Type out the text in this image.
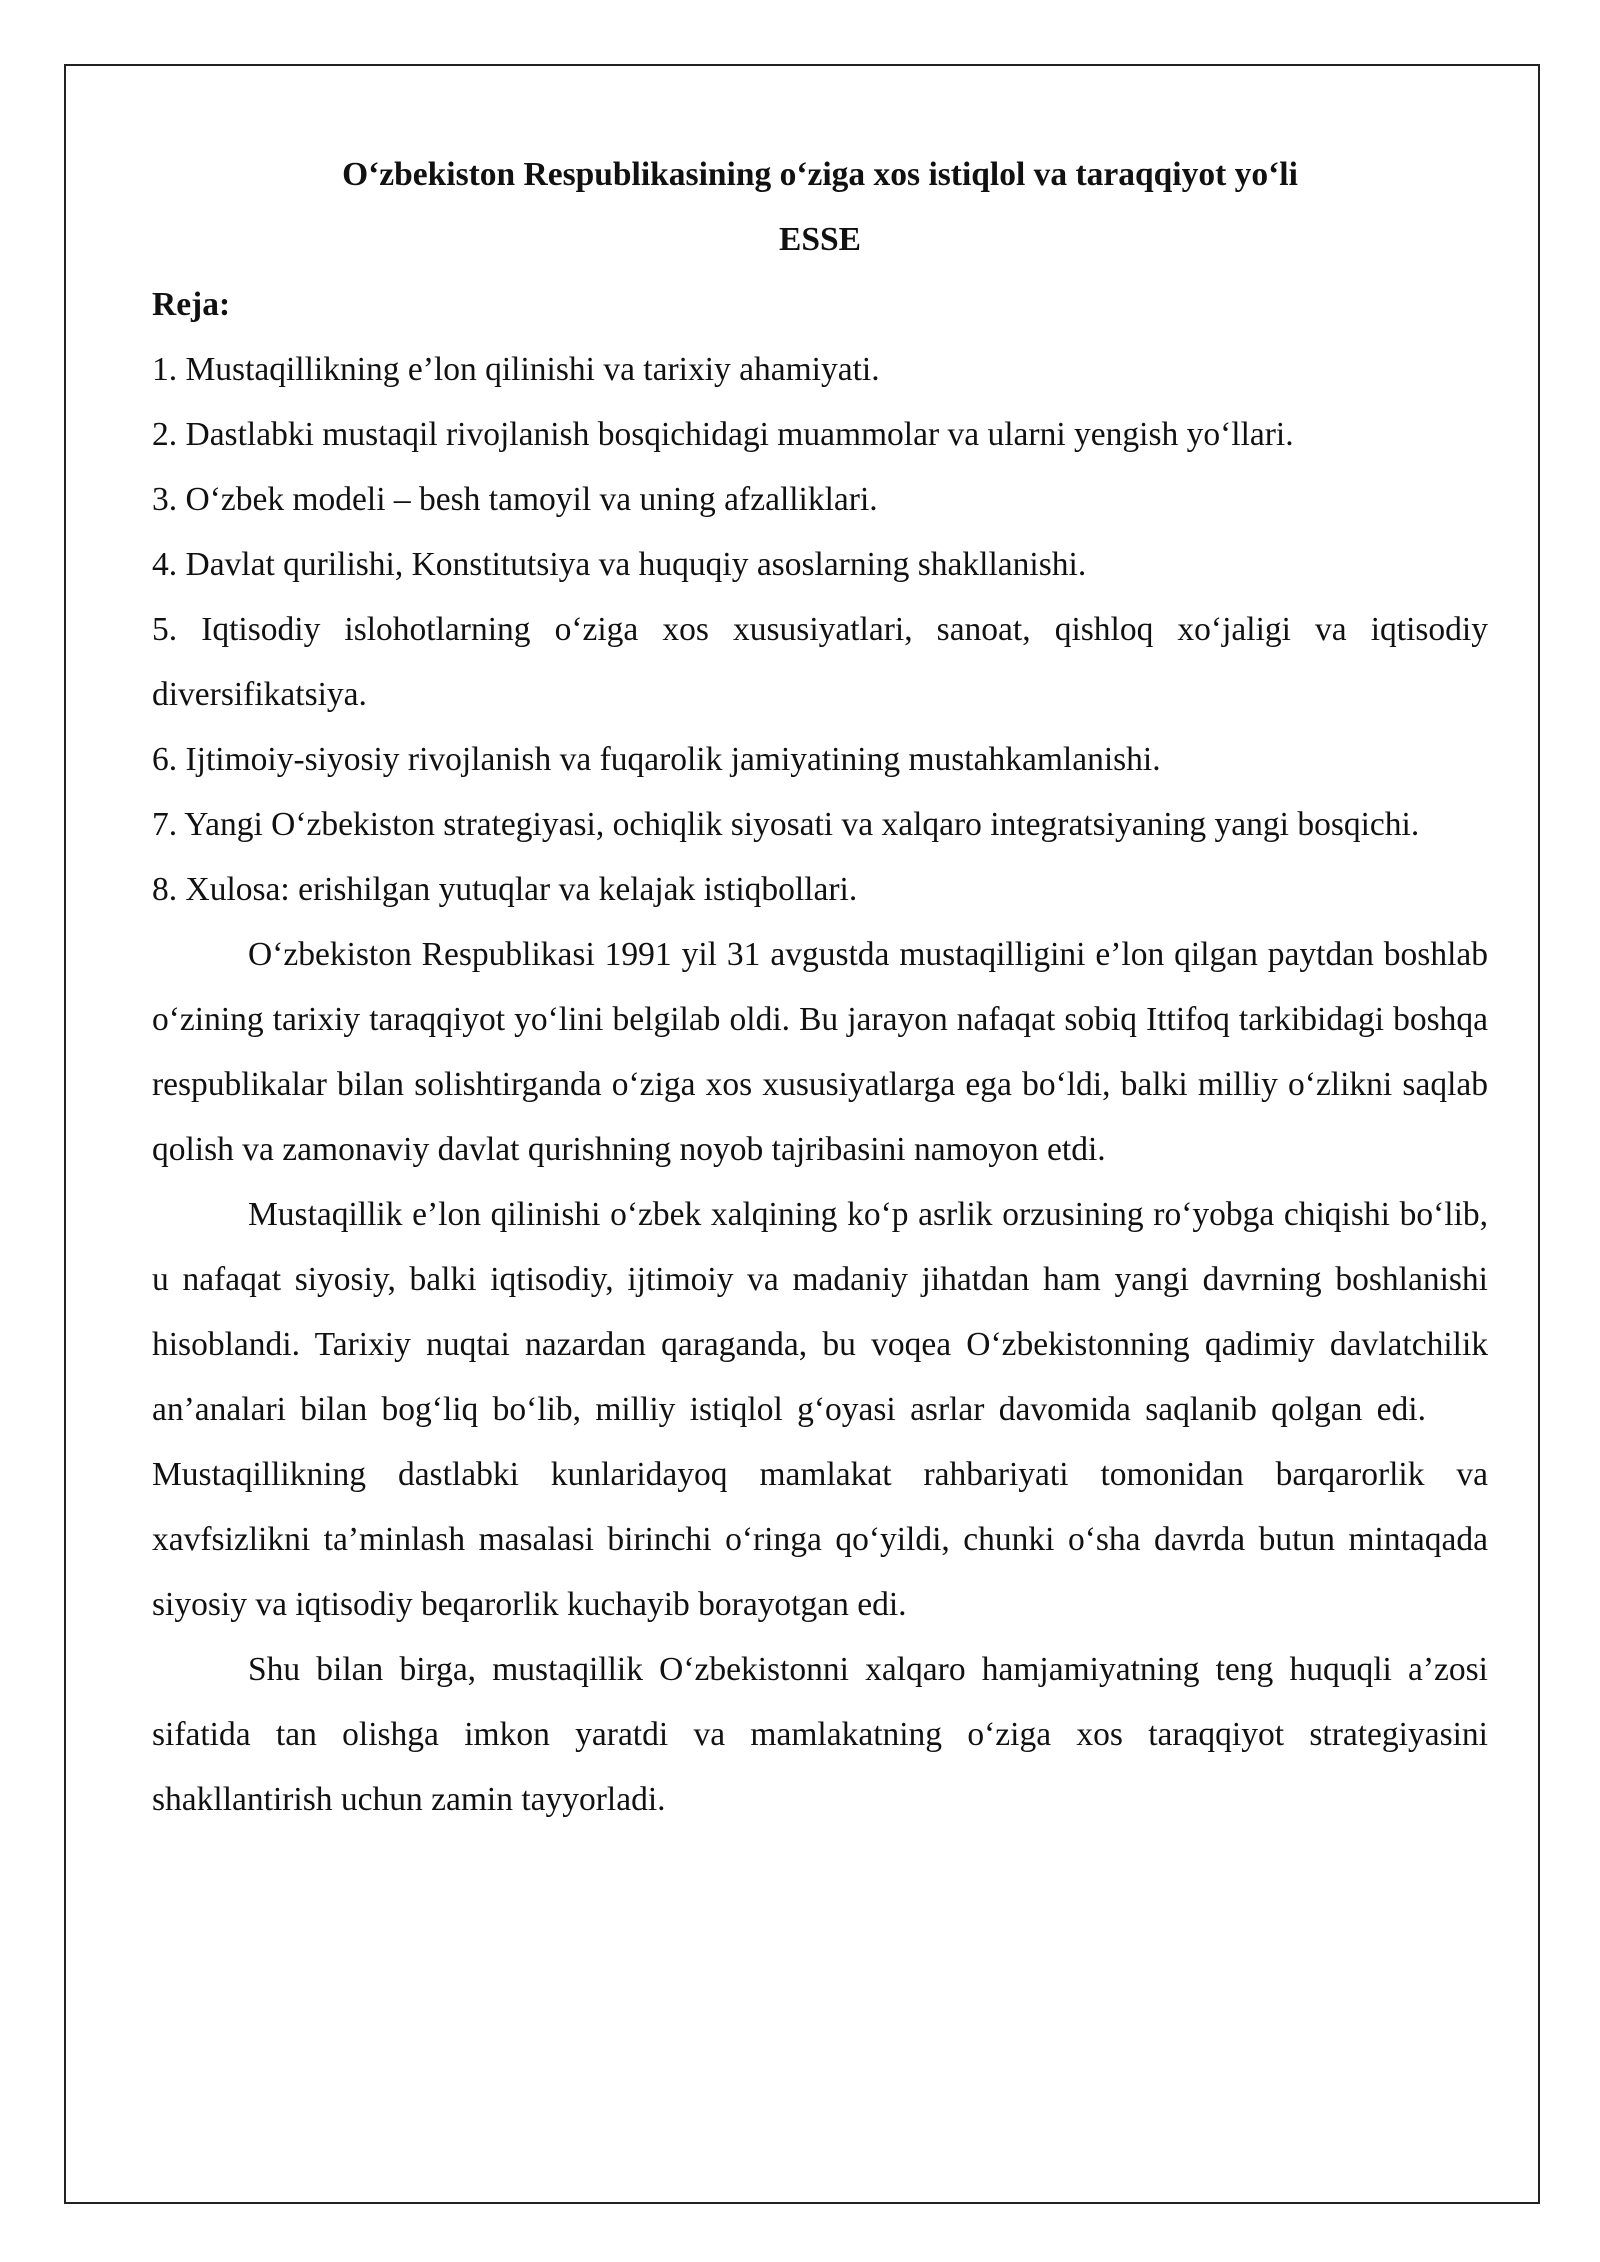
O‘zbekiston Respublikasining o‘ziga xos istiqlol va taraqqiyot yo‘li

ESSE

Reja:

1. Mustaqillikning e’lon qilinishi va tarixiy ahamiyati.
2. Dastlabki mustaqil rivojlanish bosqichidagi muammolar va ularni yengish yo‘llari.
3. O‘zbek modeli – besh tamoyil va uning afzalliklari.
4. Davlat qurilishi, Konstitutsiya va huquqiy asoslarning shakllanishi.
5. Iqtisodiy islohotlarning o‘ziga xos xususiyatlari, sanoat, qishloq xo‘jaligi va iqtisodiy diversifikatsiya.
6. Ijtimoiy-siyosiy rivojlanish va fuqarolik jamiyatining mustahkamlanishi.
7. Yangi O‘zbekiston strategiyasi, ochiqlik siyosati va xalqaro integratsiyaning yangi bosqichi.
8. Xulosa: erishilgan yutuqlar va kelajak istiqbollari.

O‘zbekiston Respublikasi 1991 yil 31 avgustda mustaqilligini e’lon qilgan paytdan boshlab o‘zining tarixiy taraqqiyot yo‘lini belgilab oldi. Bu jarayon nafaqat sobiq Ittifoq tarkibidagi boshqa respublikalar bilan solishtirganda o‘ziga xos xususiyatlarga ega bo‘ldi, balki milliy o‘zlikni saqlab qolish va zamonaviy davlat qurishning noyob tajribasini namoyon etdi.

Mustaqillik e’lon qilinishi o‘zbek xalqining ko‘p asrlik orzusining ro‘yobga chiqishi bo‘lib, u nafaqat siyosiy, balki iqtisodiy, ijtimoiy va madaniy jihatdan ham yangi davrning boshlanishi hisoblandi. Tarixiy nuqtai nazardan qaraganda, bu voqea O‘zbekistonning qadimiy davlatchilik an’analari bilan bog‘liq bo‘lib, milliy istiqlol g‘oyasi asrlar davomida saqlanib qolgan edi.Mustaqillikning dastlabki kunlaridayoq mamlakat rahbariyati tomonidan barqarorlik va xavfsizlikni ta’minlash masalasi birinchi o‘ringa qo‘yildi, chunki o‘sha davrda butun mintaqada siyosiy va iqtisodiy beqarorlik kuchayib borayotgan edi.

Shu bilan birga, mustaqillik O‘zbekistonni xalqaro hamjamiyatning teng huquqli a’zosi sifatida tan olishga imkon yaratdi va mamlakatning o‘ziga xos taraqqiyot strategiyasini shakllantirish uchun zamin tayyorladi.
